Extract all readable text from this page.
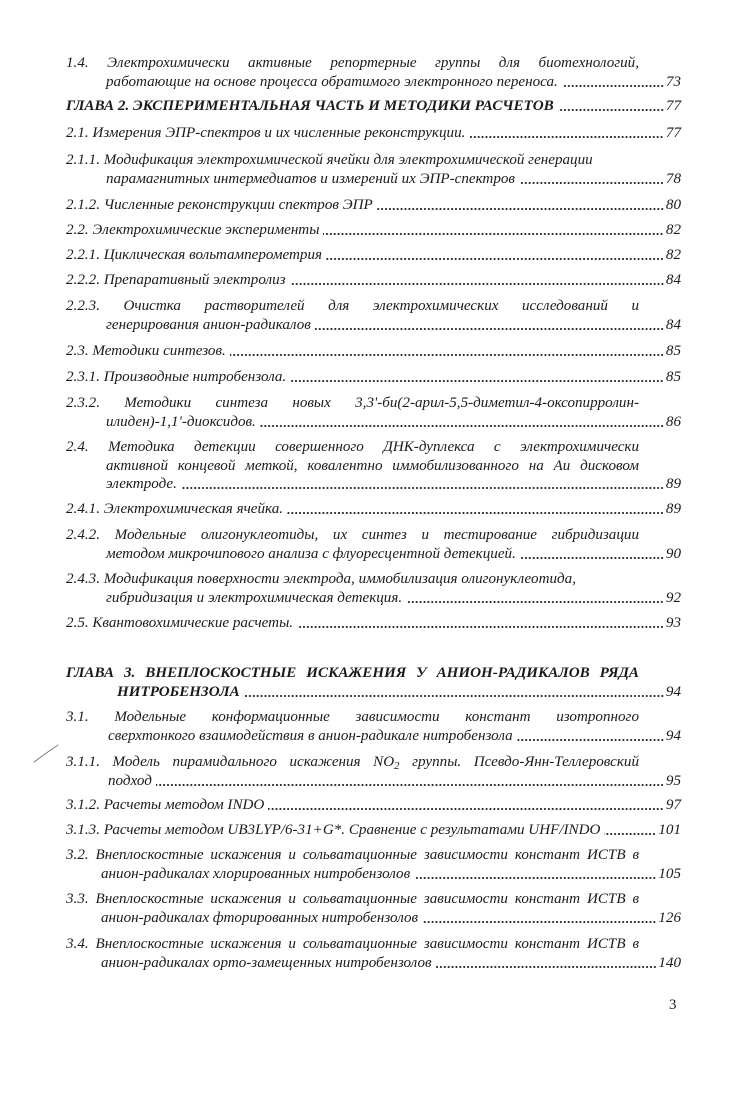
1.4. Электрохимически активные репортерные группы для биотехнологий,
работающие на основе процесса обратимого электронного переноса.	73
ГЛАВА 2. ЭКСПЕРИМЕНТАЛЬНАЯ ЧАСТЬ И МЕТОДИКИ РАСЧЕТОВ	77
2.1. Измерения ЭПР-спектров и их численные реконструкции.	77
2.1.1. Модификация электрохимической ячейки для электрохимической генерации
парамагнитных интермедиатов и измерений их ЭПР-спектров	78
2.1.2. Численные реконструкции спектров ЭПР	80
2.2. Электрохимические эксперименты	82
2.2.1. Циклическая вольтамперометрия	82
2.2.2. Препаративный электролиз	84
2.2.3. Очистка растворителей для электрохимических исследований и
генерирования анион-радикалов	84
2.3. Методики синтезов.	85
2.3.1. Производные нитробензола.	85
2.3.2. Методики синтеза новых 3,3'-би(2-арил-5,5-диметил-4-оксопирролин-
илиден)-1,1'-диоксидов.	86
2.4. Методика детекции совершенного ДНК-дуплекса с электрохимически
активной концевой меткой, ковалентно иммобилизованного на Au дисковом
электроде.	89
2.4.1. Электрохимическая ячейка.	89
2.4.2. Модельные олигонуклеотиды, их синтез и тестирование гибридизации
методом микрочипового анализа с флуоресцентной детекцией.	90
2.4.3. Модификация поверхности электрода, иммобилизация олигонуклеотида,
гибридизация и электрохимическая детекция.	92
2.5. Квантовохимические расчеты.	93
ГЛАВА 3. ВНЕПЛОСКОСТНЫЕ ИСКАЖЕНИЯ У АНИОН-РАДИКАЛОВ РЯДА
НИТРОБЕНЗОЛА	94
3.1. Модельные конформационные зависимости констант изотропного
сверхтонкого взаимодействия в анион-радикале нитробензола	94
3.1.1. Модель пирамидального искажения $NO_2$ группы. Псевдо-Янн-Теллеровский
подход	95
3.1.2. Расчеты методом INDO	97
3.1.3. Расчеты методом UB3LYP/6-31+G*. Сравнение с результатами UHF/INDO	101
3.2. Внеплоскостные искажения и сольватационные зависимости констант ИСТВ в
анион-радикалах хлорированных нитробензолов	105
3.3. Внеплоскостные искажения и сольватационные зависимости констант ИСТВ в
анион-радикалах фторированных нитробензолов	126
3.4. Внеплоскостные искажения и сольватационные зависимости констант ИСТВ в
анион-радикалах орто-замещенных нитробензолов	140
3
